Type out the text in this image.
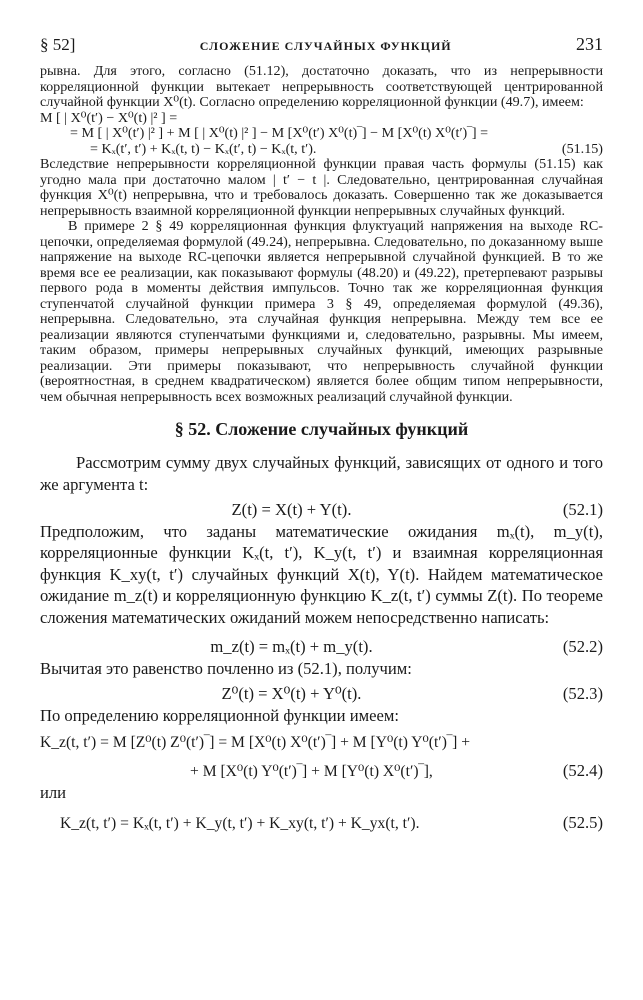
§ 52]	СЛОЖЕНИЕ СЛУЧАЙНЫХ ФУНКЦИЙ	231

рывна. Для этого, согласно (51.12), достаточно доказать, что из непрерывности корреляционной функции вытекает непрерывность соответствующей центрированной случайной функции X⁰(t). Согласно определению корреляционной функции (49.7), имеем:

M [ | X⁰(t′) − X⁰(t) |² ] =
= M [ | X⁰(t′) |² ] + M [ | X⁰(t) |² ] − M [X⁰(t′) X⁰(t)‾] − M [X⁰(t) X⁰(t′)‾] =
= Kₓ(t′, t′) + Kₓ(t, t) − Kₓ(t′, t) − Kₓ(t, t′).	(51.15)

Вследствие непрерывности корреляционной функции правая часть формулы (51.15) как угодно мала при достаточно малом | t′ − t |. Следовательно, центрированная случайная функция X⁰(t) непрерывна, что и требовалось доказать. Совершенно так же доказывается непрерывность взаимной корреляционной функции непрерывных случайных функций.

В примере 2 § 49 корреляционная функция флуктуаций напряжения на выходе RC-цепочки, определяемая формулой (49.24), непрерывна. Следовательно, по доказанному выше напряжение на выходе RC-цепочки является непрерывной случайной функцией. В то же время все ее реализации, как показывают формулы (48.20) и (49.22), претерпевают разрывы первого рода в моменты действия импульсов. Точно так же корреляционная функция ступенчатой случайной функции примера 3 § 49, определяемая формулой (49.36), непрерывна. Следовательно, эта случайная функция непрерывна. Между тем все ее реализации являются ступенчатыми функциями и, следовательно, разрывны. Мы имеем, таким образом, примеры непрерывных случайных функций, имеющих разрывные реализации. Эти примеры показывают, что непрерывность случайной функции (вероятностная, в среднем квадратическом) является более общим типом непрерывности, чем обычная непрерывность всех возможных реализаций случайной функции.

§ 52. Сложение случайных функций

Рассмотрим сумму двух случайных функций, зависящих от одного и того же аргумента t:

Z(t) = X(t) + Y(t).	(52.1)

Предположим, что заданы математические ожидания mₓ(t), m_y(t), корреляционные функции Kₓ(t, t′), K_y(t, t′) и взаимная корреляционная функция K_xy(t, t′) случайных функций X(t), Y(t). Найдем математическое ожидание m_z(t) и корреляционную функцию K_z(t, t′) суммы Z(t). По теореме сложения математических ожиданий можем непосредственно написать:

m_z(t) = mₓ(t) + m_y(t).	(52.2)

Вычитая это равенство почленно из (52.1), получим:

Z⁰(t) = X⁰(t) + Y⁰(t).	(52.3)

По определению корреляционной функции имеем:

K_z(t, t′) = M [Z⁰(t) Z⁰(t′)‾] = M [X⁰(t) X⁰(t′)‾] + M [Y⁰(t) Y⁰(t′)‾] +
+ M [X⁰(t) Y⁰(t′)‾] + M [Y⁰(t) X⁰(t′)‾],	(52.4)

или

K_z(t, t′) = Kₓ(t, t′) + K_y(t, t′) + K_xy(t, t′) + K_yx(t, t′).	(52.5)
